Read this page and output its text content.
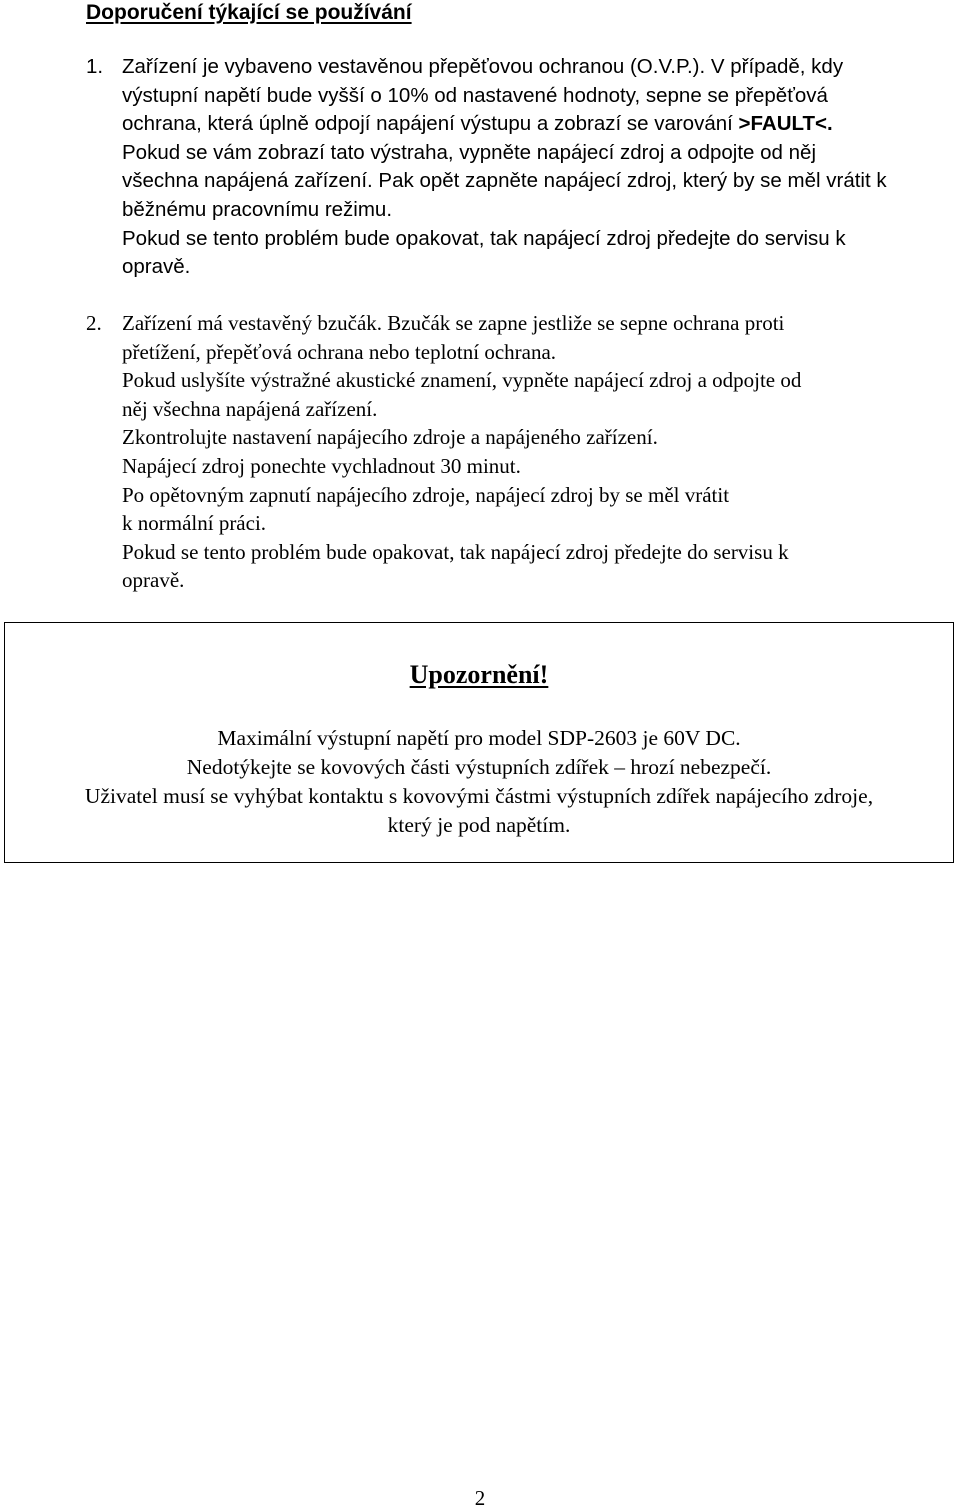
Doporučení týkající se používání
1. Zařízení je vybaveno vestavěnou přepěťovou ochranou (O.V.P.). V případě, kdy
výstupní napětí bude vyšší o 10% od nastavené hodnoty, sepne se přepěťová
ochrana, která úplně odpojí napájení výstupu a zobrazí se varování >FAULT<.
Pokud se vám zobrazí tato výstraha, vypněte napájecí zdroj a odpojte od něj
všechna napájená zařízení. Pak opět zapněte napájecí zdroj, který by se měl vrátit k
běžnému pracovnímu režimu.
Pokud se tento problém bude opakovat, tak napájecí zdroj předejte do servisu k
opravě.
2. Zařízení má vestavěný bzučák. Bzučák se zapne jestliže se sepne ochrana proti
přetížení, přepěťová ochrana nebo teplotní ochrana.
Pokud uslyšíte výstražné akustické znamení, vypněte napájecí zdroj a odpojte od
něj všechna napájená zařízení.
Zkontrolujte nastavení napájecího zdroje a napájeného zařízení.
Napájecí zdroj ponechte vychladnout 30 minut.
Po opětovným zapnutí napájecího zdroje, napájecí zdroj by se měl vrátit
k normální práci.
Pokud se tento problém bude opakovat, tak napájecí zdroj předejte do servisu k
opravě.
Upozornění!
Maximální výstupní napětí pro model SDP-2603 je 60V DC.
Nedotýkejte se kovových části výstupních zdířek – hrozí nebezpečí.
Uživatel musí se vyhýbat kontaktu s kovovými částmi výstupních zdířek napájecího zdroje,
který je pod napětím.
2
